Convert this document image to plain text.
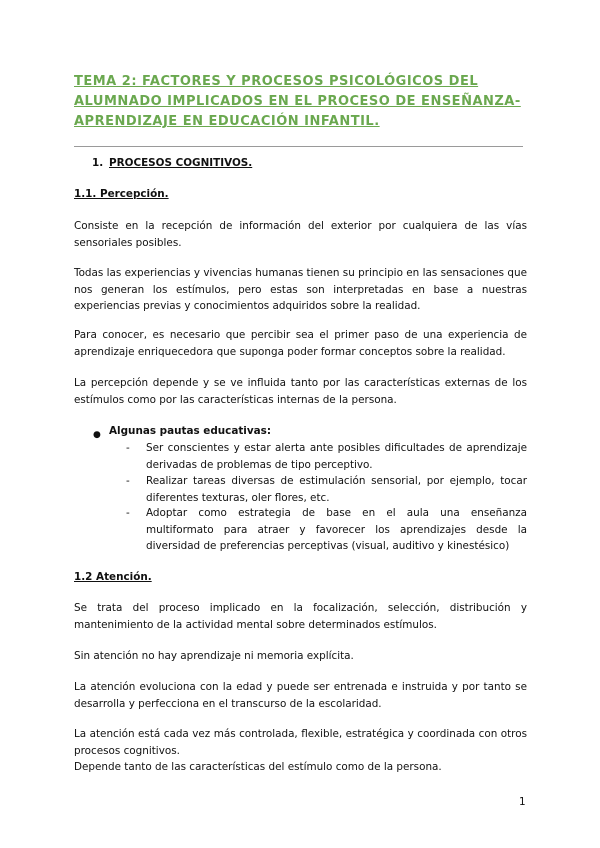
TEMA 2: FACTORES Y PROCESOS PSICOLÓGICOS DEL ALUMNADO IMPLICADOS EN EL PROCESO DE ENSEÑANZA-APRENDIZAJE EN EDUCACIÓN INFANTIL.
1. PROCESOS COGNITIVOS.
1.1. Percepción.

Consiste en la recepción de información del exterior por cualquiera de las vías sensoriales posibles.

Todas las experiencias y vivencias humanas tienen su principio en las sensaciones que nos generan los estímulos, pero estas son interpretadas en base a nuestras experiencias previas y conocimientos adquiridos sobre la realidad.

Para conocer, es necesario que percibir sea el primer paso de una experiencia de aprendizaje enriquecedora que suponga poder formar conceptos sobre la realidad.

La percepción depende y se ve influida tanto por las características externas de los estímulos como por las características internas de la persona.

● Algunas pautas educativas:

- Ser conscientes y estar alerta ante posibles dificultades de aprendizaje derivadas de problemas de tipo perceptivo.

- Realizar tareas diversas de estimulación sensorial, por ejemplo, tocar diferentes texturas, oler flores, etc.

- Adoptar como estrategia de base en el aula una enseñanza multiformato para atraer y favorecer los aprendizajes desde la diversidad de preferencias perceptivas (visual, auditivo y kinestésico)

1.2 Atención.

Se trata del proceso implicado en la focalización, selección, distribución y mantenimiento de la actividad mental sobre determinados estímulos.

Sin atención no hay aprendizaje ni memoria explícita.

La atención evoluciona con la edad y puede ser entrenada e instruida y por tanto se desarrolla y perfecciona en el transcurso de la escolaridad.

La atención está cada vez más controlada, flexible, estratégica y coordinada con otros procesos cognitivos.

Depende tanto de las características del estímulo como de la persona.

1
